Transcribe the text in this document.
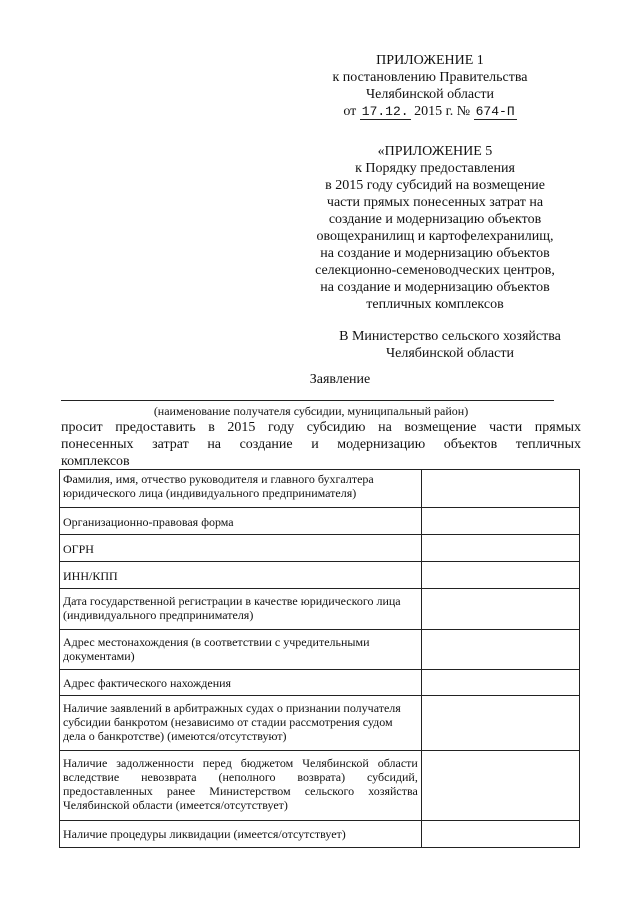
ПРИЛОЖЕНИЕ 1
к постановлению Правительства
Челябинской области
от 17.12. 2015 г. № 674-П
«ПРИЛОЖЕНИЕ 5
к Порядку предоставления
в 2015 году субсидий на возмещение
части прямых понесенных затрат на
создание и модернизацию объектов
овощехранилищ и картофелехранилищ,
на создание и модернизацию объектов
селекционно-семеноводческих центров,
на создание и модернизацию объектов
тепличных комплексов
В Министерство сельского хозяйства
Челябинской области
Заявление
(наименование получателя субсидии, муниципальный район)
просит предоставить в 2015 году субсидию на возмещение части прямых
понесенных затрат на создание и модернизацию объектов тепличных
комплексов
Фамилия, имя, отчество руководителя и главного бухгалтера юридического лица (индивидуального предпринимателя)	
Организационно-правовая форма	
ОГРН	
ИНН/КПП	
Дата государственной регистрации в качестве юридического лица (индивидуального предпринимателя)	
Адрес местонахождения (в соответствии с учредительными документами)	
Адрес фактического нахождения	
Наличие заявлений в арбитражных судах о признании получателя субсидии банкротом (независимо от стадии рассмотрения судом дела о банкротстве) (имеются/отсутствуют)	
Наличие задолженности перед бюджетом Челябинской области вследствие невозврата (неполного возврата) субсидий, предоставленных ранее Министерством сельского хозяйства Челябинской области (имеется/отсутствует)	
Наличие процедуры ликвидации (имеется/отсутствует)	
